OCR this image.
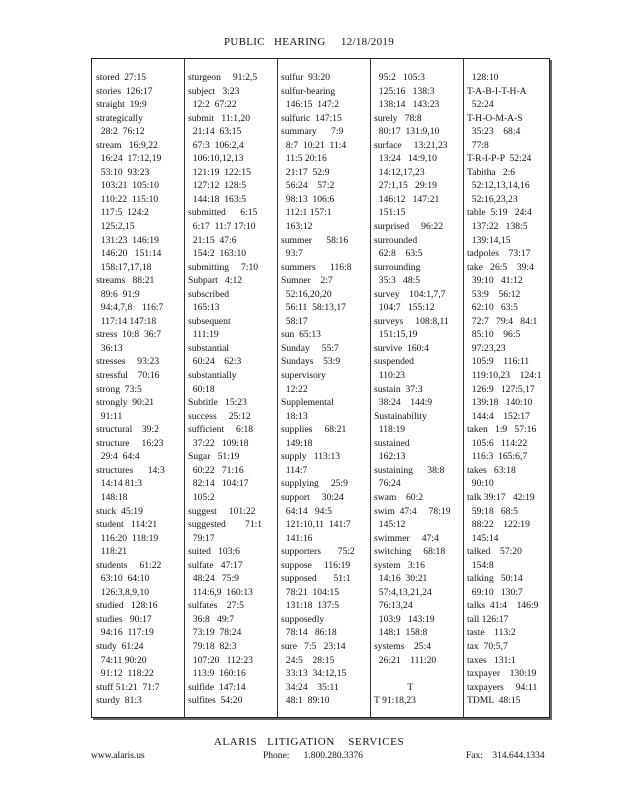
PUBLIC   HEARING     12/18/2019
stored  27:15
stories  126:17
straight  19:9
strategically
28:2  76:12
stream   16:9,22
16:24  17:12,19
53:10  93:23
103:21  105:10
110:22  115:10
117:5  124:2
125:2,15
131:23  146:19
146:20   151:14
158:17,17,18
streams   88:21
89:6  91:9
94:4,7,8    116:7
117:14 147:18
stress  10:8  36:7
36:13
stresses     93:23
stressful    70:16
strong  73:5
strongly  90:21
91:11
structural    39:2
structure     16:23
29:4  64:4
structures      14:3
14:14 81:3
148:18
stuck  45:19
student   114:21
116:20  118:19
118:21
students     61:22
63:10  64:10
126:3,8,9,10
studied   128:16
studies   90:17
94:16  117:19
study  61:24
74:11 90:20
91:12  118:22
stuff 51:21  71:7
sturdy  81:3
sturgeon     91:2,5
subject   3:23
12:2  67:22
submit   11:1,20
21:14  63:15
67:3  106:2,4
106:10,12,13
121:19  122:15
127:12  128:5
144:18  163:5
submitted      6:15
6:17  11:7 17:10
21:15  47:6
154:2  163:10
submitting     7:10
Subpart   4:12
subscribed
165:13
subsequent
111:19
substantial
60:24    62:3
substantially
60:18
Subtitle   15:23
success     25:12
sufficient     6:18
37:22   109:18
Sugar   51:19
60:22   71:16
82:14   104:17
105:2
suggest     101:22
suggested        71:1
79:17
suited   103:6
sulfate   47:17
48:24   75:9
114:6,9  160:13
sulfates    27:5
36:8   49:7
73:19  78:24
79:18  82:3
107:20   112:23
113:9  160:16
sulfide  147:14
sulfites  54:20
sulfur  93:20
sulfur-bearing
146:15  147:2
sulfuric  147:15
summary      7:9
8:7  10:21  11:4
11:5 20:16
21:17  52:9
56:24    57:2
98:13  106:6
112:1 157:1
163:12
summer      58:16
93:7
summers      116:8
Sumner    2:7
52:16,20,20
56:11  58:13,17
58:17
sun  65:13
Sunday     55:7
Sundays    53:9
supervisory
12:22
Supplemental
18:13
supplies     68:21
149:18
supply   113:13
114:7
supplying     25:9
support     30:24
64:14   94:5
121:10,11  141:7
141:16
supporters       75:2
suppose     116:19
supposed       51:1
78:21  104:15
131:18  137:5
supposedly
78:14   86:18
sure   7:5   23:14
24:5    28:15
33:13  34:12,15
34:24    35:11
48:1  89:10
95:2   105:3
125:16   138:3
138:14   143:23
surely   78:8
80:17  131:9,10
surface     13:21,23
13:24   14:9,10
14:12,17,23
27:1,15   29:19
146:12   147:21
151:15
surprised     96:22
surrounded
62:8    63:5
surrounding
35:3   48:5
survey    104:1,7,7
104:7   155:12
surveys     108:8,11
151:15,19
survive  160:4
suspended
110:23
sustain  37:3
38:24    144:9
Sustainability
118:19
sustained
162:13
sustaining      38:8
76:24
swam    60:2
swim  47:4     78:19
145:12
swimmer     47:4
switching     68:18
system   3:16
14:16  30:21
57:4,13,21,24
76:13,24
103:9   143:19
148:1  158:8
systems    25:4
26:21    111:20
T
T 91:18,23
128:10
T-A-B-I-T-H-A
52:24
T-H-O-M-A-S
35:23    68:4
77:8
T-R-I-P-P  52:24
Tabitha   2:6
52:12,13,14,16
52:16,23,23
table  5:19   24:4
137:22   138:5
139:14,15
tadpoles    73:17
take   26:5    39:4
39:10   41:12
53:9    56:12
62:10   63:5
72:7   79:4   84:1
85:10    96:5
97:23,23
105:9    116:11
119:10,23    124:1
126:9   127:5,17
139:18   140:10
144:4    152:17
taken   1:9   57:16
105:6   114:22
116:3  165:6,7
takes   63:18
90:10
talk 39:17   42:19
59:18   68:5
88:22    122:19
145:14
talked    57:20
154:8
talking   50:14
69:10   130:7
talks  41:4    146:9
tall 126:17
taste    113:2
tax  70:5,7
taxes   131:1
taxpayer    130:19
taxpayers     94:11
TDML  48:15
ALARIS   LITIGATION    SERVICES
www.alaris.us	Phone:      1.800.280.3376	Fax:    314.644.1334
